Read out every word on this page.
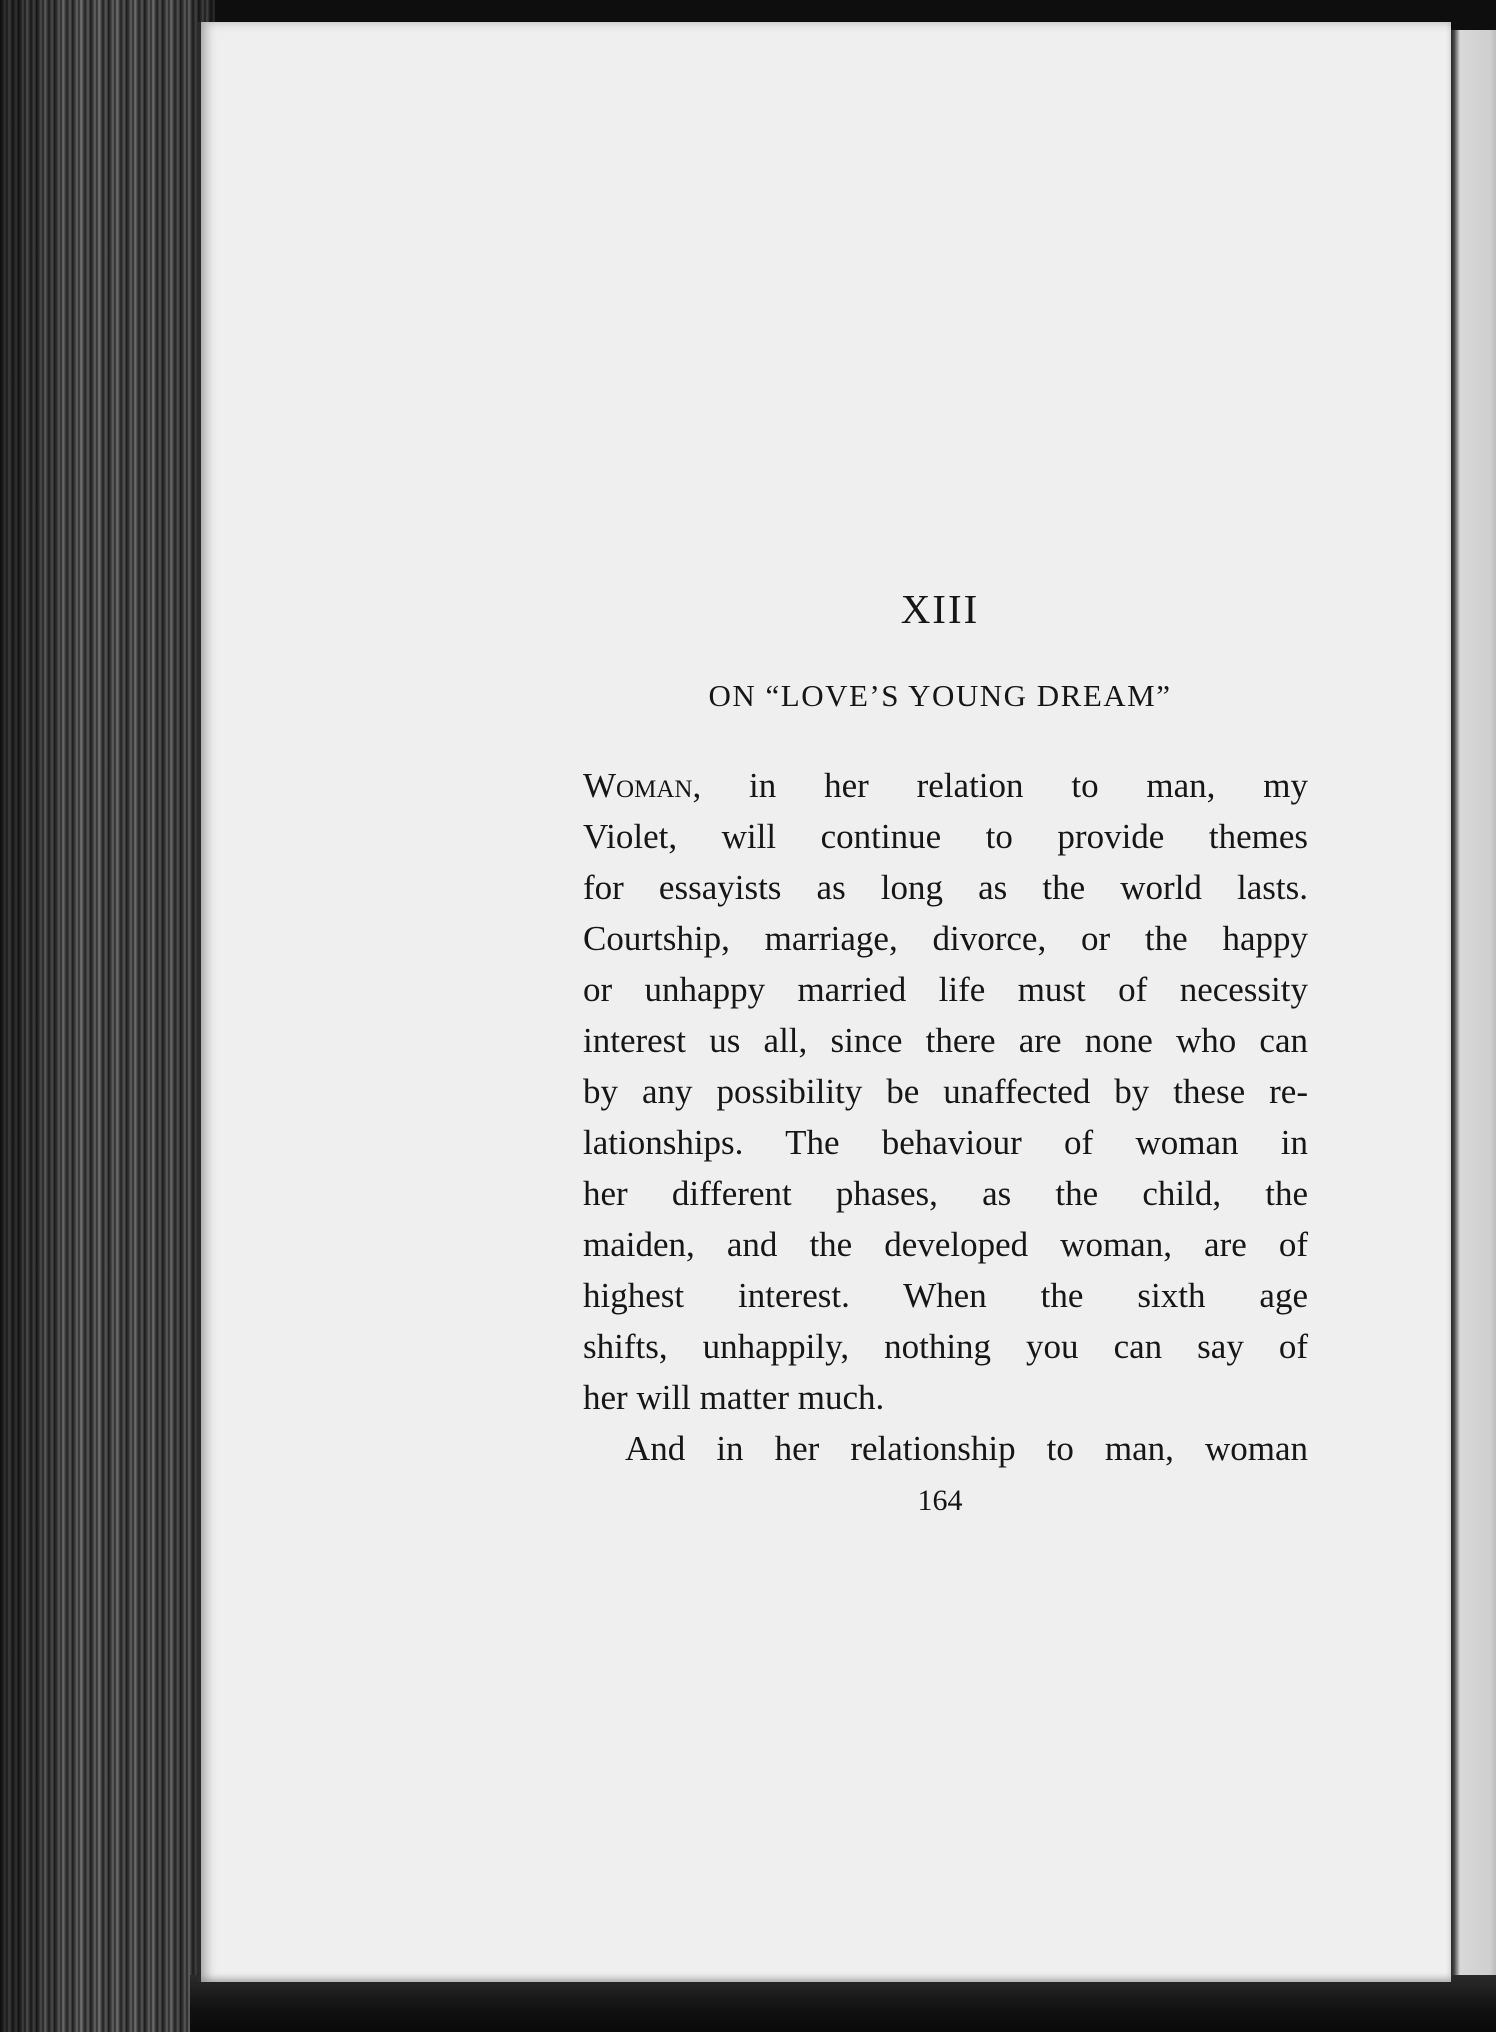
XIII
ON “LOVE’S YOUNG DREAM”
Woman, in her relation to man, my
Violet, will continue to provide themes
for essayists as long as the world lasts.
Courtship, marriage, divorce, or the happy
or unhappy married life must of necessity
interest us all, since there are none who can
by any possibility be unaffected by these re-
lationships. The behaviour of woman in
her different phases, as the child, the
maiden, and the developed woman, are of
highest interest. When the sixth age
shifts, unhappily, nothing you can say of
her will matter much.
And in her relationship to man, woman
164
